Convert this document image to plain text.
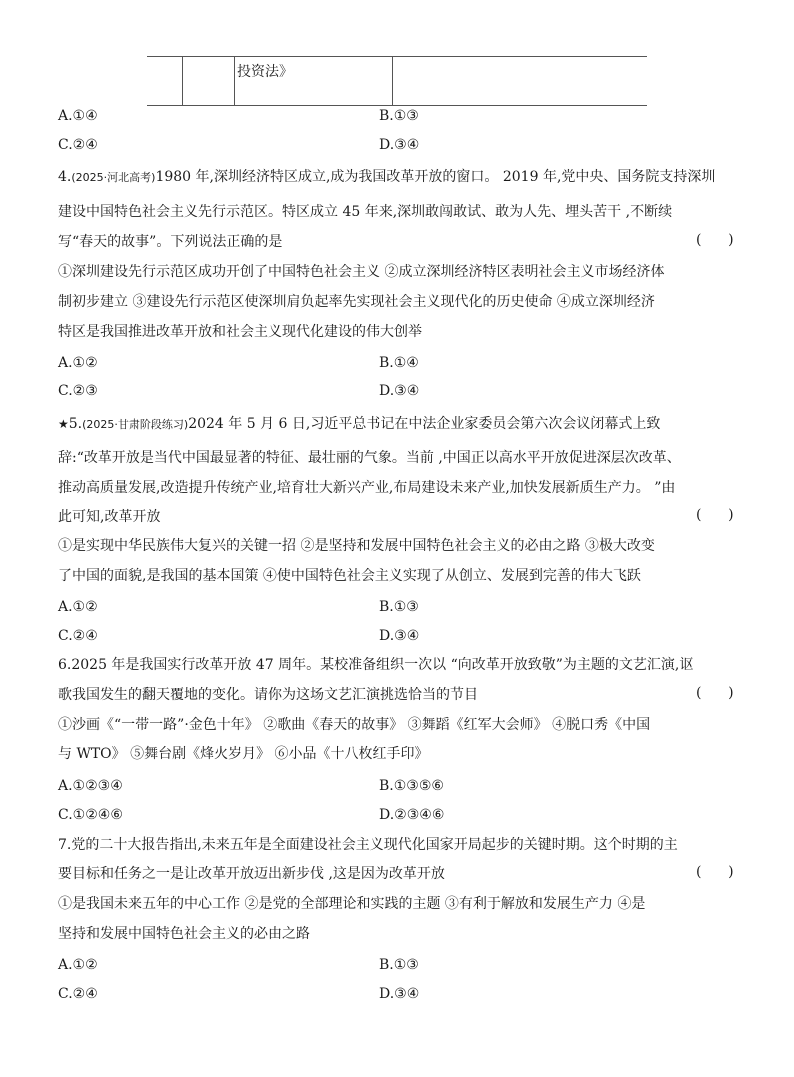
投资法》
A.①④	B.①③
C.②④	D.③④
4.(2025·河北高考)1980 年,深圳经济特区成立,成为我国改革开放的窗口。 2019 年,党中央、国务院支持深圳
建设中国特色社会主义先行示范区。特区成立 45 年来,深圳敢闯敢试、敢为人先、埋头苦干 ,不断续
写“春天的故事”。下列说法正确的是	(      )
①深圳建设先行示范区成功开创了中国特色社会主义 ②成立深圳经济特区表明社会主义市场经济体
制初步建立 ③建设先行示范区使深圳肩负起率先实现社会主义现代化的历史使命 ④成立深圳经济
特区是我国推进改革开放和社会主义现代化建设的伟大创举
A.①②	B.①④
C.②③	D.③④
★5.(2025·甘肃阶段练习)2024 年 5 月 6 日,习近平总书记在中法企业家委员会第六次会议闭幕式上致
辞:“改革开放是当代中国最显著的特征、最壮丽的气象。当前 ,中国正以高水平开放促进深层次改革、
推动高质量发展,改造提升传统产业,培育壮大新兴产业,布局建设未来产业,加快发展新质生产力。 ”由
此可知,改革开放	(      )
①是实现中华民族伟大复兴的关键一招 ②是坚持和发展中国特色社会主义的必由之路 ③极大改变
了中国的面貌,是我国的基本国策 ④使中国特色社会主义实现了从创立、发展到完善的伟大飞跃
A.①②	B.①③
C.②④	D.③④
6.2025 年是我国实行改革开放 47 周年。某校准备组织一次以 “向改革开放致敬”为主题的文艺汇演,讴
歌我国发生的翻天覆地的变化。请你为这场文艺汇演挑选恰当的节目	(      )
①沙画《“一带一路”·金色十年》 ②歌曲《春天的故事》 ③舞蹈《红军大会师》 ④脱口秀《中国
与 WTO》 ⑤舞台剧《烽火岁月》 ⑥小品《十八枚红手印》
A.①②③④	B.①③⑤⑥
C.①②④⑥	D.②③④⑥
7.党的二十大报告指出,未来五年是全面建设社会主义现代化国家开局起步的关键时期。这个时期的主
要目标和任务之一是让改革开放迈出新步伐 ,这是因为改革开放	(      )
①是我国未来五年的中心工作 ②是党的全部理论和实践的主题 ③有利于解放和发展生产力 ④是
坚持和发展中国特色社会主义的必由之路
A.①②	B.①③
C.②④	D.③④
